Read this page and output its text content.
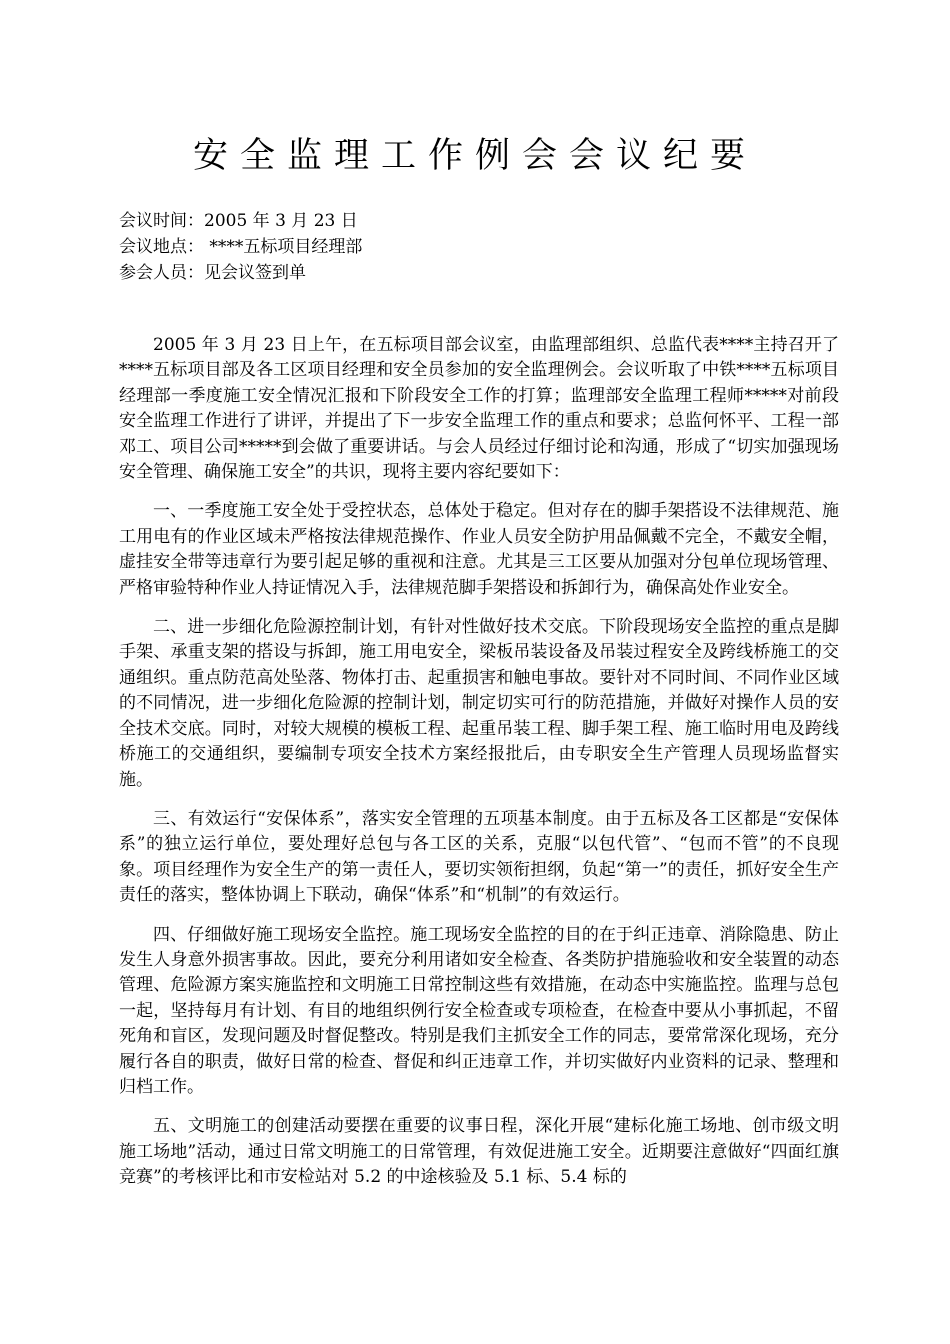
安全监理工作例会会议纪要
会议时间：2005 年 3 月 23 日
会议地点： ****五标项目经理部
参会人员：见会议签到单

2005 年 3 月 23 日上午，在五标项目部会议室，由监理部组织、总监代表****主持召开了****五标项目部及各工区项目经理和安全员参加的安全监理例会。会议听取了中铁****五标项目经理部一季度施工安全情况汇报和下阶段安全工作的打算；监理部安全监理工程师*****对前段安全监理工作进行了讲评，并提出了下一步安全监理工作的重点和要求；总监何怀平、工程一部邓工、项目公司*****到会做了重要讲话。与会人员经过仔细讨论和沟通，形成了“切实加强现场安全管理、确保施工安全”的共识，现将主要内容纪要如下：

一、一季度施工安全处于受控状态，总体处于稳定。但对存在的脚手架搭设不法律规范、施工用电有的作业区域未严格按法律规范操作、作业人员安全防护用品佩戴不完全，不戴安全帽，虚挂安全带等违章行为要引起足够的重视和注意。尤其是三工区要从加强对分包单位现场管理、严格审验特种作业人持证情况入手，法律规范脚手架搭设和拆卸行为，确保高处作业安全。

二、进一步细化危险源控制计划，有针对性做好技术交底。下阶段现场安全监控的重点是脚手架、承重支架的搭设与拆卸，施工用电安全，梁板吊装设备及吊装过程安全及跨线桥施工的交通组织。重点防范高处坠落、物体打击、起重损害和触电事故。要针对不同时间、不同作业区域的不同情况，进一步细化危险源的控制计划，制定切实可行的防范措施，并做好对操作人员的安全技术交底。同时，对较大规模的模板工程、起重吊装工程、脚手架工程、施工临时用电及跨线桥施工的交通组织，要编制专项安全技术方案经报批后，由专职安全生产管理人员现场监督实施。

三、有效运行“安保体系”，落实安全管理的五项基本制度。由于五标及各工区都是“安保体系”的独立运行单位，要处理好总包与各工区的关系，克服“以包代管”、“包而不管”的不良现象。项目经理作为安全生产的第一责任人，要切实领衔担纲，负起“第一”的责任，抓好安全生产责任的落实，整体协调上下联动，确保“体系”和“机制”的有效运行。

四、仔细做好施工现场安全监控。施工现场安全监控的目的在于纠正违章、消除隐患、防止发生人身意外损害事故。因此，要充分利用诸如安全检查、各类防护措施验收和安全装置的动态管理、危险源方案实施监控和文明施工日常控制这些有效措施，在动态中实施监控。监理与总包一起，坚持每月有计划、有目的地组织例行安全检查或专项检查，在检查中要从小事抓起，不留死角和盲区，发现问题及时督促整改。特别是我们主抓安全工作的同志，要常常深化现场，充分履行各自的职责，做好日常的检查、督促和纠正违章工作，并切实做好内业资料的记录、整理和归档工作。

五、文明施工的创建活动要摆在重要的议事日程，深化开展“建标化施工场地、创市级文明施工场地”活动，通过日常文明施工的日常管理，有效促进施工安全。近期要注意做好“四面红旗竞赛”的考核评比和市安检站对 5.2 的中途核验及 5.1 标、5.4 标的
